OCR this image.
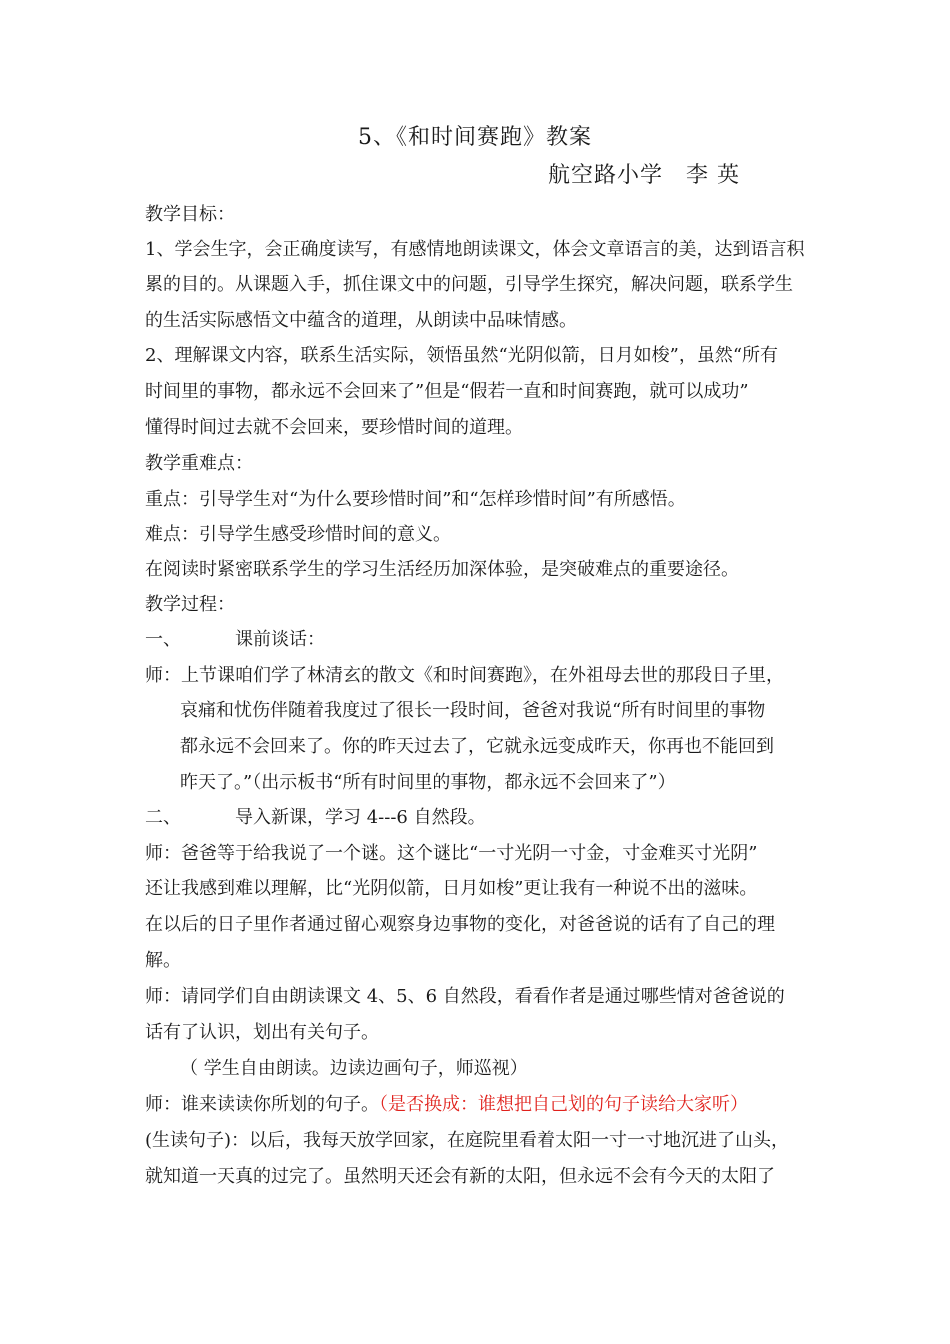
5、《和时间赛跑》教案
航空路小学　李 英
教学目标：
1、学会生字，会正确度读写，有感情地朗读课文，体会文章语言的美，达到语言积
累的目的。从课题入手，抓住课文中的问题，引导学生探究，解决问题，联系学生
的生活实际感悟文中蕴含的道理，从朗读中品味情感。
2、理解课文内容，联系生活实际，领悟虽然“光阴似箭，日月如梭”，虽然“所有
时间里的事物，都永远不会回来了”但是“假若一直和时间赛跑，就可以成功”
懂得时间过去就不会回来，要珍惜时间的道理。
教学重难点：
重点：引导学生对“为什么要珍惜时间”和“怎样珍惜时间”有所感悟。
难点：引导学生感受珍惜时间的意义。
在阅读时紧密联系学生的学习生活经历加深体验，是突破难点的重要途径。
教学过程：
一、	课前谈话：
师：上节课咱们学了林清玄的散文《和时间赛跑》，在外祖母去世的那段日子里，
哀痛和忧伤伴随着我度过了很长一段时间，爸爸对我说“所有时间里的事物
都永远不会回来了。你的昨天过去了，它就永远变成昨天，你再也不能回到
昨天了。”（出示板书“所有时间里的事物，都永远不会回来了”）
二、	导入新课，学习 4---6 自然段。
师：爸爸等于给我说了一个谜。这个谜比“一寸光阴一寸金，寸金难买寸光阴”
还让我感到难以理解，比“光阴似箭，日月如梭”更让我有一种说不出的滋味。
在以后的日子里作者通过留心观察身边事物的变化，对爸爸说的话有了自己的理
解。
师：请同学们自由朗读课文 4、5、6 自然段，看看作者是通过哪些情对爸爸说的
话有了认识，划出有关句子。
（ 学生自由朗读。边读边画句子，师巡视）
师：谁来读读你所划的句子。（是否换成：谁想把自己划的句子读给大家听）
(生读句子)：以后，我每天放学回家，在庭院里看着太阳一寸一寸地沉进了山头，
就知道一天真的过完了。虽然明天还会有新的太阳，但永远不会有今天的太阳了
